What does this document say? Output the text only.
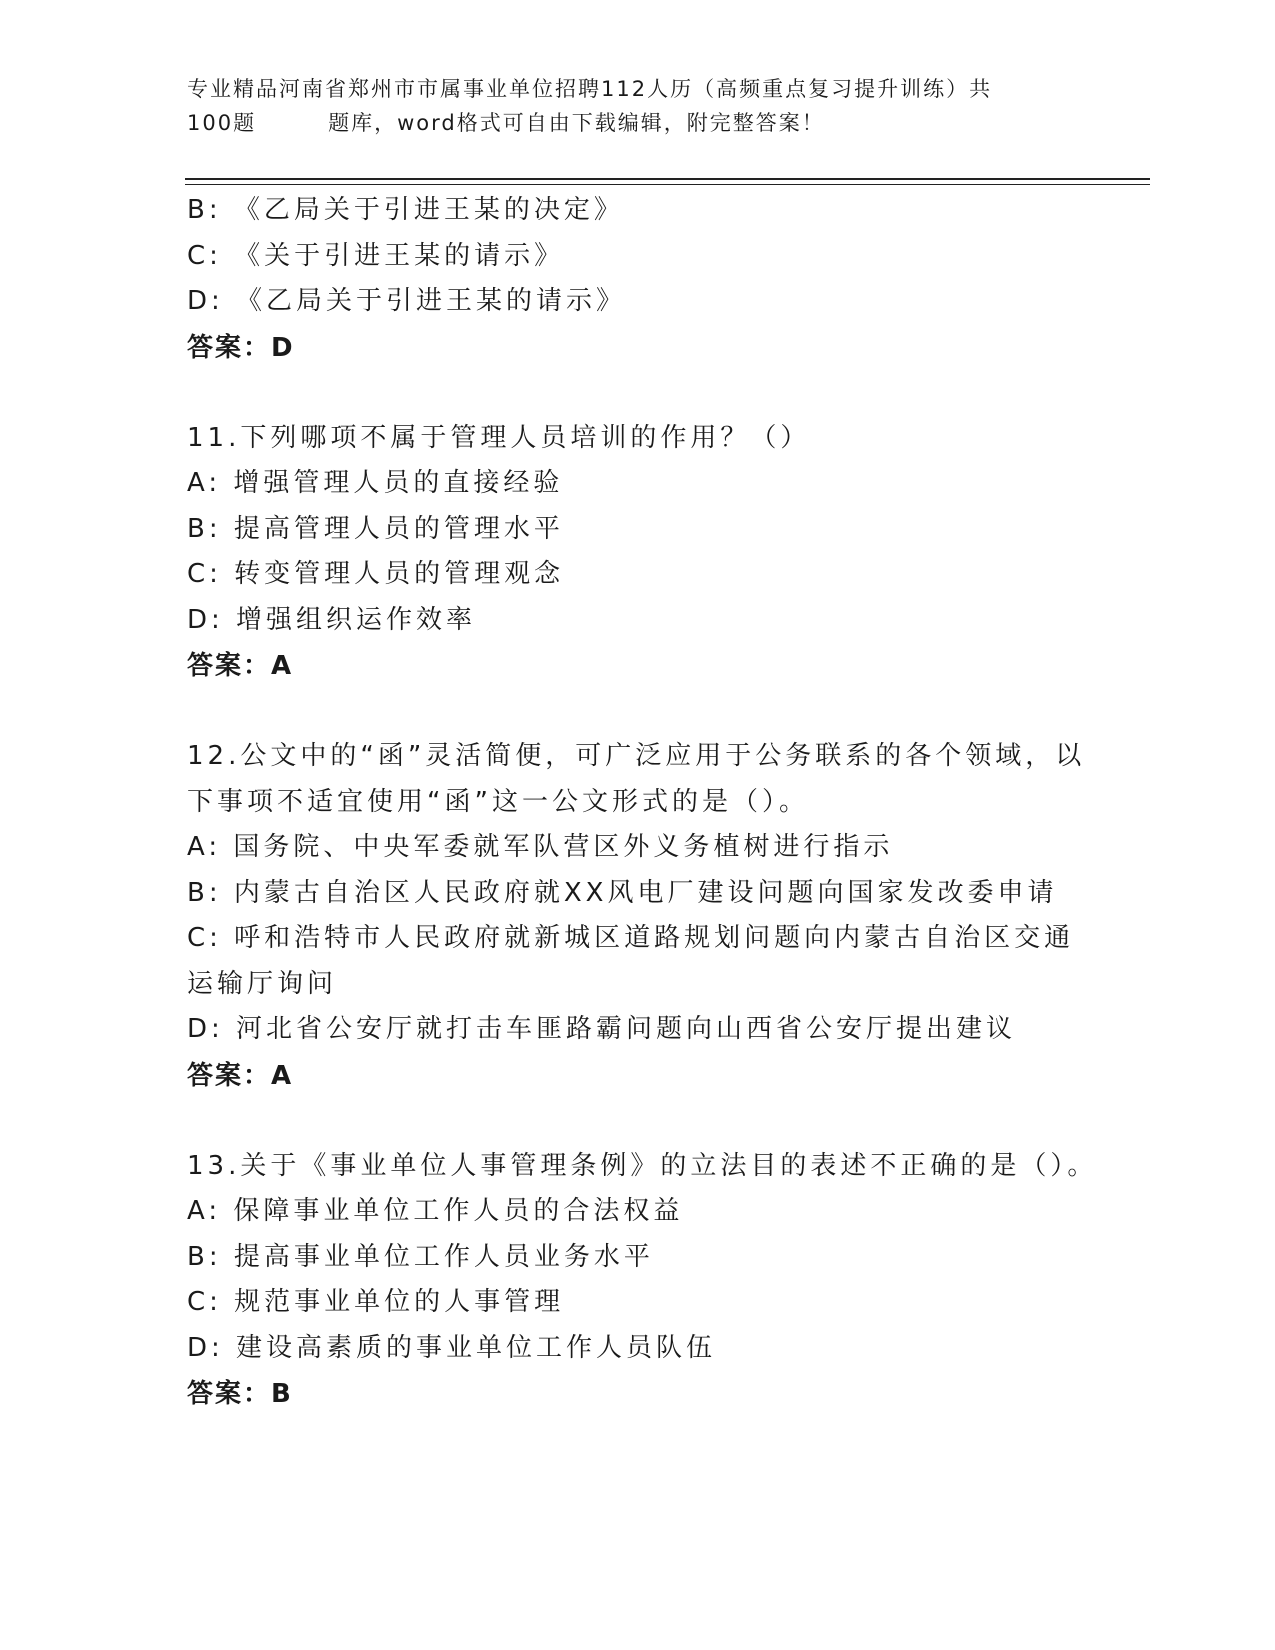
专业精品河南省郑州市市属事业单位招聘112人历（高频重点复习提升训练）共
100题	题库，word格式可自由下载编辑，附完整答案！
B: 《乙局关于引进王某的决定》
C: 《关于引进王某的请示》
D: 《乙局关于引进王某的请示》
答案：D
11.下列哪项不属于管理人员培训的作用？（）
A: 增强管理人员的直接经验
B: 提高管理人员的管理水平
C: 转变管理人员的管理观念
D: 增强组织运作效率
答案：A
12.公文中的“函”灵活简便，可广泛应用于公务联系的各个领域，以下事项不适宜使用“函”这一公文形式的是（）。
A: 国务院、中央军委就军队营区外义务植树进行指示
B: 内蒙古自治区人民政府就XX风电厂建设问题向国家发改委申请
C: 呼和浩特市人民政府就新城区道路规划问题向内蒙古自治区交通运输厅询问
D: 河北省公安厅就打击车匪路霸问题向山西省公安厅提出建议
答案：A
13.关于《事业单位人事管理条例》的立法目的表述不正确的是（）。
A: 保障事业单位工作人员的合法权益
B: 提高事业单位工作人员业务水平
C: 规范事业单位的人事管理
D: 建设高素质的事业单位工作人员队伍
答案：B
